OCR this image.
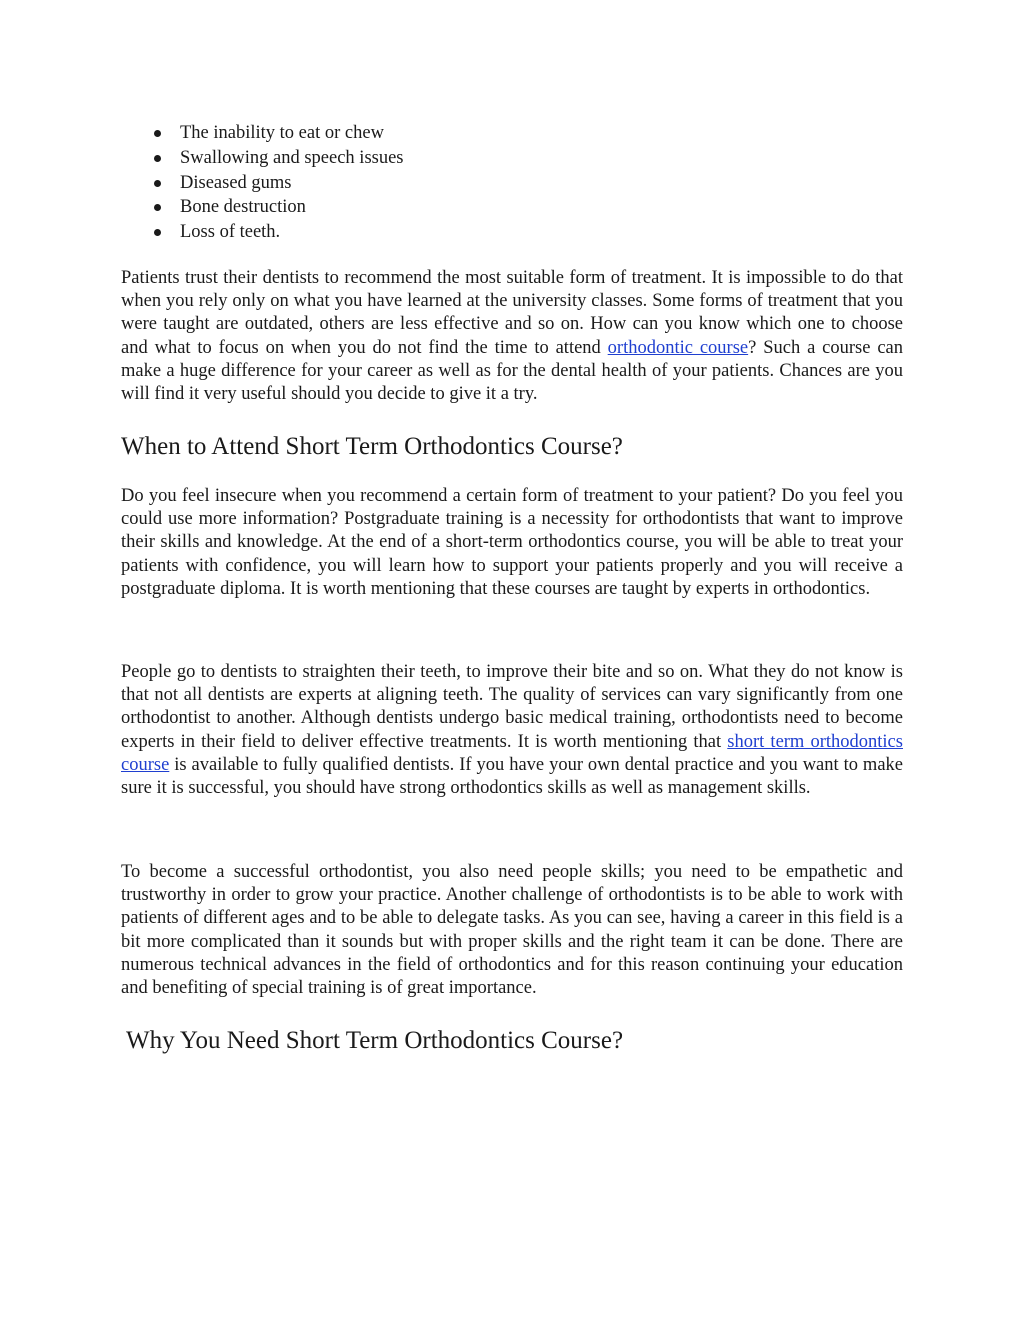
The inability to eat or chew
Swallowing and speech issues
Diseased gums
Bone destruction
Loss of teeth.

Patients trust their dentists to recommend the most suitable form of treatment. It is impossible to do that when you rely only on what you have learned at the university classes. Some forms of treatment that you were taught are outdated, others are less effective and so on. How can you know which one to choose and what to focus on when you do not find the time to attend orthodontic course? Such a course can make a huge difference for your career as well as for the dental health of your patients. Chances are you will find it very useful should you decide to give it a try.

When to Attend Short Term Orthodontics Course?

Do you feel insecure when you recommend a certain form of treatment to your patient? Do you feel you could use more information? Postgraduate training is a necessity for orthodontists that want to improve their skills and knowledge. At the end of a short-term orthodontics course, you will be able to treat your patients with confidence, you will learn how to support your patients properly and you will receive a postgraduate diploma. It is worth mentioning that these courses are taught by experts in orthodontics.

People go to dentists to straighten their teeth, to improve their bite and so on. What they do not know is that not all dentists are experts at aligning teeth. The quality of services can vary significantly from one orthodontist to another. Although dentists undergo basic medical training, orthodontists need to become experts in their field to deliver effective treatments. It is worth mentioning that short term orthodontics course is available to fully qualified dentists. If you have your own dental practice and you want to make sure it is successful, you should have strong orthodontics skills as well as management skills.

To become a successful orthodontist, you also need people skills; you need to be empathetic and trustworthy in order to grow your practice. Another challenge of orthodontists is to be able to work with patients of different ages and to be able to delegate tasks. As you can see, having a career in this field is a bit more complicated than it sounds but with proper skills and the right team it can be done. There are numerous technical advances in the field of orthodontics and for this reason continuing your education and benefiting of special training is of great importance.

Why You Need Short Term Orthodontics Course?
